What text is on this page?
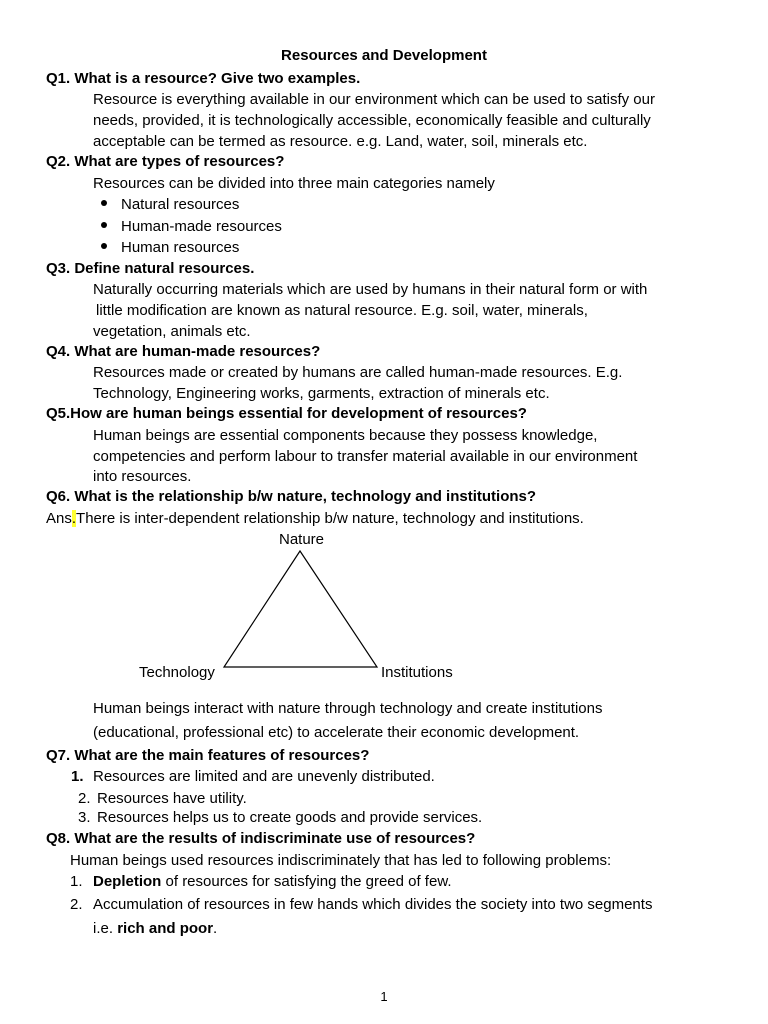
Resources and Development
Q1. What is a resource? Give two examples.
Resource is everything available in our environment which can be used to satisfy our
needs, provided, it is technologically accessible, economically feasible and culturally
acceptable can be termed as resource. e.g. Land, water, soil, minerals etc.
Q2. What are types of resources?
Resources can be divided into three main categories namely
Natural resources
Human-made resources
Human resources
Q3. Define natural resources.
Naturally occurring materials which are used by humans in their natural form or with
little modification are known as natural resource. E.g. soil, water, minerals,
vegetation, animals etc.
Q4. What are human-made resources?
Resources made or created by humans are called human-made resources. E.g.
Technology, Engineering works, garments, extraction of minerals etc.
Q5.How are human beings essential for development of resources?
Human beings are essential components because they possess knowledge,
competencies and perform labour to transfer material available in our environment
into resources.
Q6. What is the relationship b/w nature, technology and institutions?
Ans.There is inter-dependent relationship b/w nature, technology and institutions.
Nature
Technology	Institutions
Human beings interact with nature through technology and create institutions
(educational, professional etc) to accelerate their economic development.
Q7. What are the main features of resources?
1. Resources are limited and are unevenly distributed.
2. Resources have utility.
3. Resources helps us to create goods and provide services.
Q8. What are the results of indiscriminate use of resources?
Human beings used resources indiscriminately that has led to following problems:
1. Depletion of resources for satisfying the greed of few.
2. Accumulation of resources in few hands which divides the society into two segments
i.e. rich and poor.
1
